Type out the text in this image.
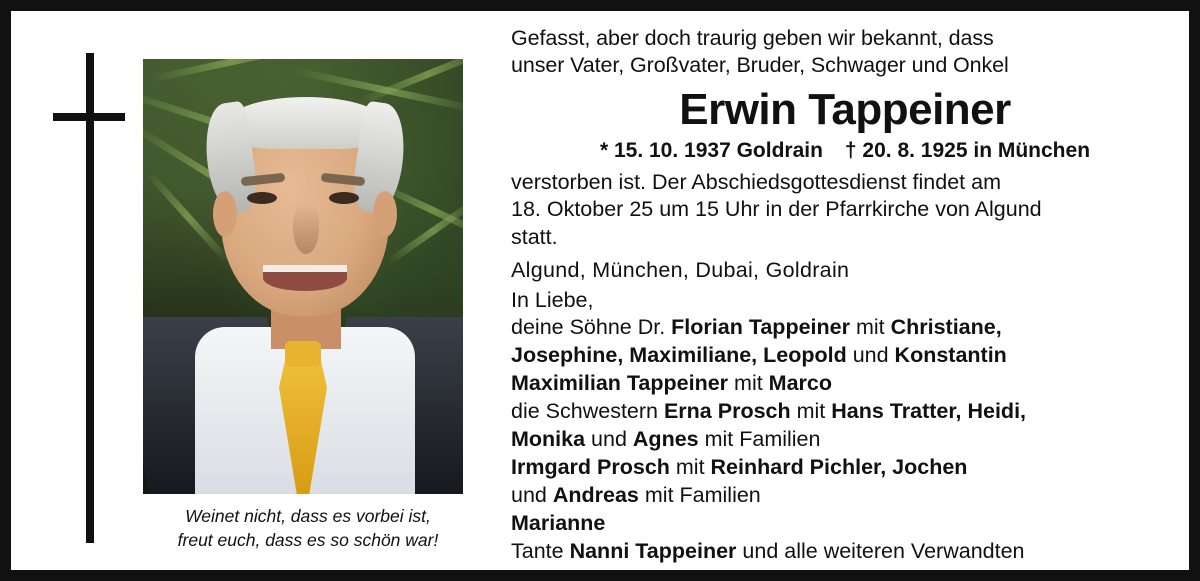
Weinet nicht, dass es vorbei ist,
freut euch, dass es so schön war!
Gefasst, aber doch traurig geben wir bekannt, dass
unser Vater, Großvater, Bruder, Schwager und Onkel
Erwin Tappeiner
* 15. 10. 1937 Goldrain † 20. 8. 1925 in München
verstorben ist. Der Abschiedsgottesdienst findet am
18. Oktober 25 um 15 Uhr in der Pfarrkirche von Algund
statt.
Algund, München, Dubai, Goldrain
In Liebe,
deine Söhne Dr. Florian Tappeiner mit Christiane,
Josephine, Maximiliane, Leopold und Konstantin
Maximilian Tappeiner mit Marco
die Schwestern Erna Prosch mit Hans Tratter, Heidi,
Monika und Agnes mit Familien
Irmgard Prosch mit Reinhard Pichler, Jochen
und Andreas mit Familien
Marianne
Tante Nanni Tappeiner und alle weiteren Verwandten
